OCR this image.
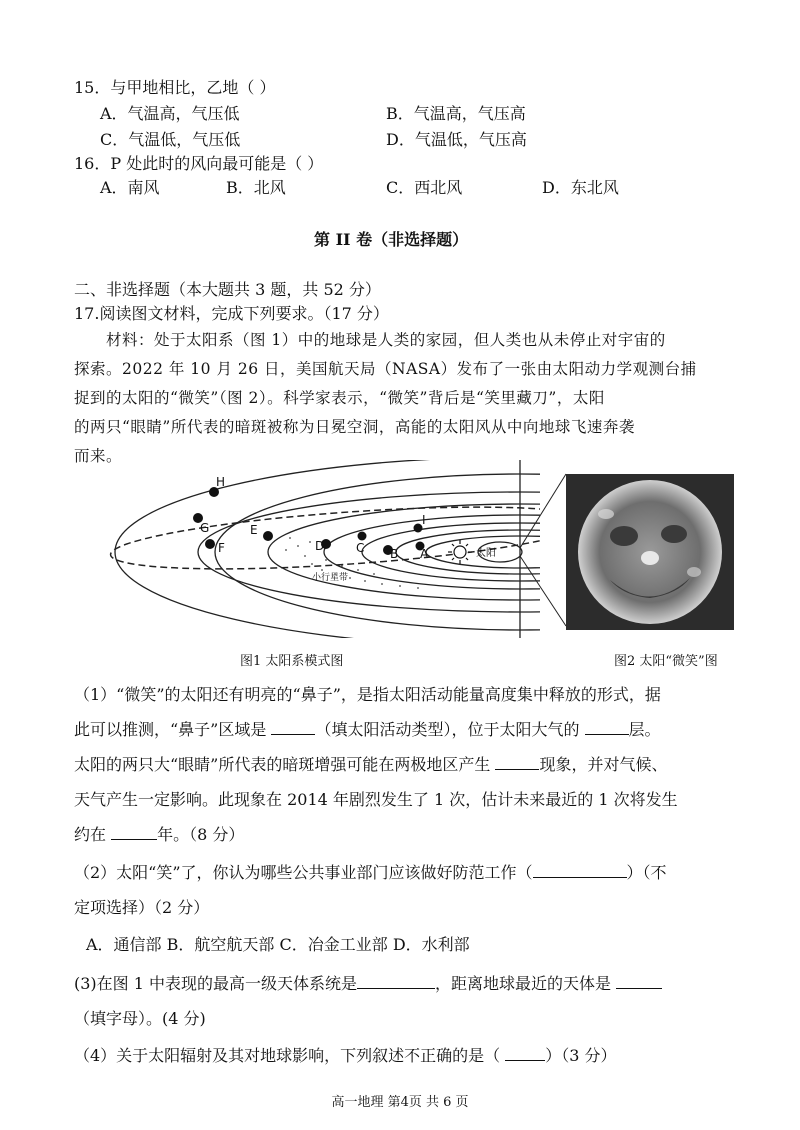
15．与甲地相比，乙地（ ）
A．气温高，气压低	B．气温高，气压高
C．气温低，气压低	D．气温低，气压高
16．P 处此时的风向最可能是（ ）
A．南风	B．北风	C．西北风	D．东北风
第 II 卷（非选择题）
二、非选择题（本大题共 3 题，共 52 分）
17.阅读图文材料，完成下列要求。（17 分）
材料：处于太阳系（图 1）中的地球是人类的家园，但人类也从未停止对宇宙的
探索。2022 年 10 月 26 日，美国航天局（NASA）发布了一张由太阳动力学观测台捕
捉到的太阳的“微笑”（图 2）。科学家表示，“微笑”背后是“笑里藏刀”，太阳
的两只“眼睛”所代表的暗斑被称为日冕空洞，高能的太阳风从中向地球飞速奔袭
而来。
H
G
F
E
D	C B A
I
太阳
小行星带
图1 太阳系模式图	图2 太阳“微笑”图
（1）“微笑”的太阳还有明亮的“鼻子”，是指太阳活动能量高度集中释放的形式，据
此可以推测，“鼻子”区域是	（填太阳活动类型），位于太阳大气的	层。
太阳的两只大“眼睛”所代表的暗斑增强可能在两极地区产生	现象，并对气候、
天气产生一定影响。此现象在 2014 年剧烈发生了 1 次，估计未来最近的 1 次将发生
约在	年。（8 分）
（2）太阳“笑”了，你认为哪些公共事业部门应该做好防范工作（	）（不
定项选择）（2 分）
A．通信部 B．航空航天部 C．冶金工业部 D．水利部
(3)在图 1 中表现的最高一级天体系统是	，距离地球最近的天体是
（填字母）。(4 分)
（4）关于太阳辐射及其对地球影响，下列叙述不正确的是（	）（3 分）
高一地理 第4页 共 6 页
